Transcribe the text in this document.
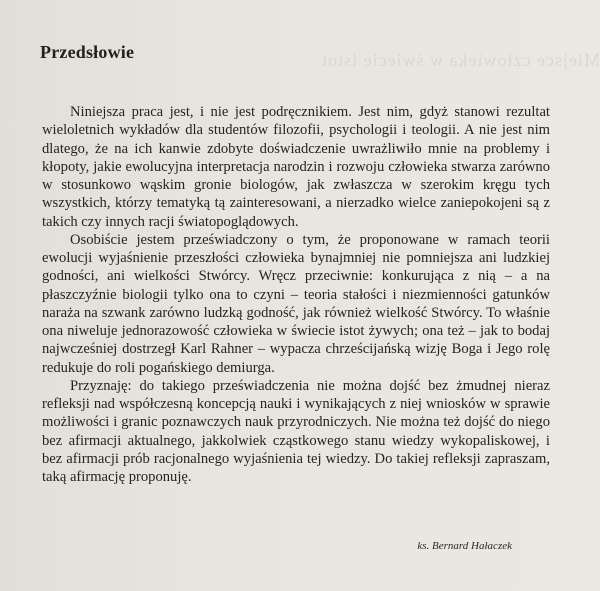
Miejsce człowieka w świecie istot
Przedsłowie

Niniejsza praca jest, i nie jest podręcznikiem. Jest nim, gdyż stanowi rezultat wieloletnich wykładów dla studentów filozofii, psychologii i teologii. A nie jest nim dlatego, że na ich kanwie zdobyte doświadczenie uwrażliwiło mnie na problemy i kłopoty, jakie ewolucyjna interpretacja narodzin i rozwoju człowieka stwarza zarówno w stosunkowo wąskim gronie biologów, jak zwłaszcza w szerokim kręgu tych wszystkich, którzy tematyką tą zainteresowani, a nierzadko wielce zaniepokojeni są z takich czy innych racji światopoglądowych.

Osobiście jestem przeświadczony o tym, że proponowane w ramach teorii ewolucji wyjaśnienie przeszłości człowieka bynajmniej nie pomniejsza ani ludzkiej godności, ani wielkości Stwórcy. Wręcz przeciwnie: konkurująca z nią – a na płaszczyźnie biologii tylko ona to czyni – teoria stałości i niezmienności gatunków naraża na szwank zarówno ludzką godność, jak również wielkość Stwórcy. To właśnie ona niweluje jednorazowość człowieka w świecie istot żywych; ona też – jak to bodaj najwcześniej dostrzegł Karl Rahner – wypacza chrześcijańską wizję Boga i Jego rolę redukuje do roli pogańskiego demiurga.

Przyznaję: do takiego przeświadczenia nie można dojść bez żmudnej nieraz refleksji nad współczesną koncepcją nauki i wynikających z niej wniosków w sprawie możliwości i granic poznawczych nauk przyrodniczych. Nie można też dojść do niego bez afirmacji aktualnego, jakkolwiek cząstkowego stanu wiedzy wykopaliskowej, i bez afirmacji prób racjonalnego wyjaśnienia tej wiedzy. Do takiej refleksji zapraszam, taką afirmację proponuję.

ks. Bernard Hałaczek
